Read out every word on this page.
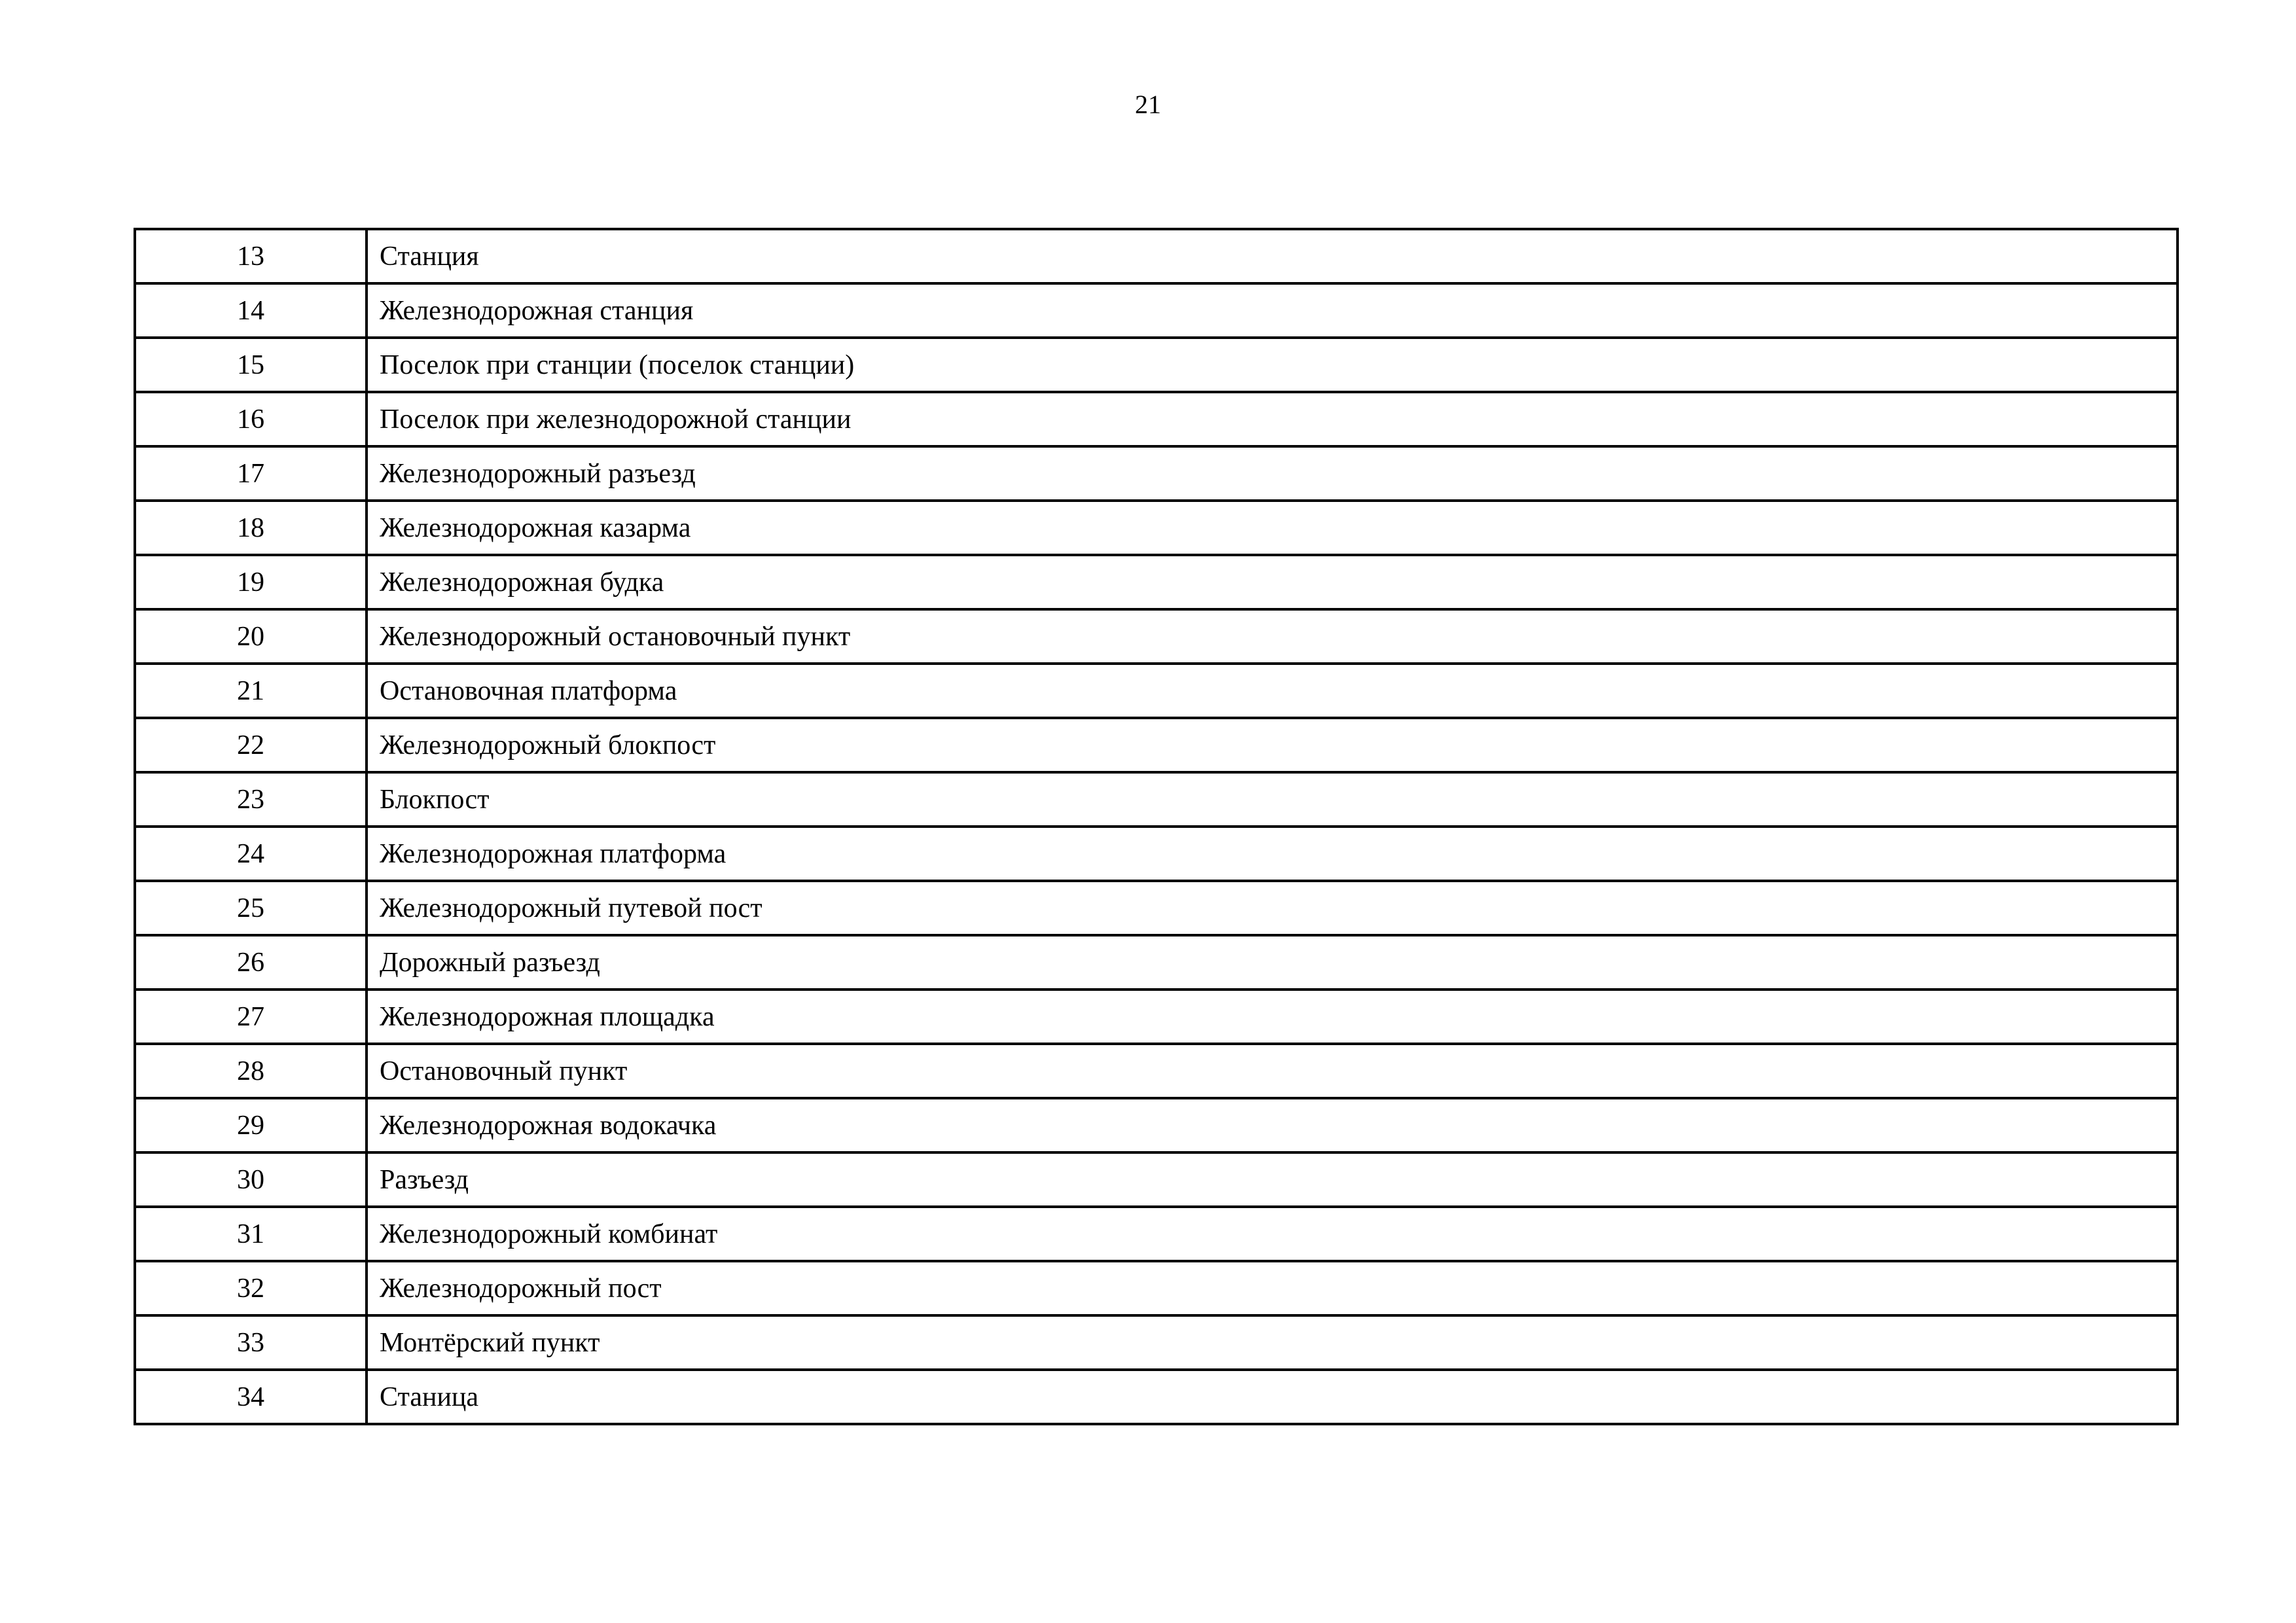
21
13	Станция
14	Железнодорожная станция
15	Поселок при станции (поселок станции)
16	Поселок при железнодорожной станции
17	Железнодорожный разъезд
18	Железнодорожная казарма
19	Железнодорожная будка
20	Железнодорожный остановочный пункт
21	Остановочная платформа
22	Железнодорожный блокпост
23	Блокпост
24	Железнодорожная платформа
25	Железнодорожный путевой пост
26	Дорожный разъезд
27	Железнодорожная площадка
28	Остановочный пункт
29	Железнодорожная водокачка
30	Разъезд
31	Железнодорожный комбинат
32	Железнодорожный пост
33	Монтёрский пункт
34	Станица
